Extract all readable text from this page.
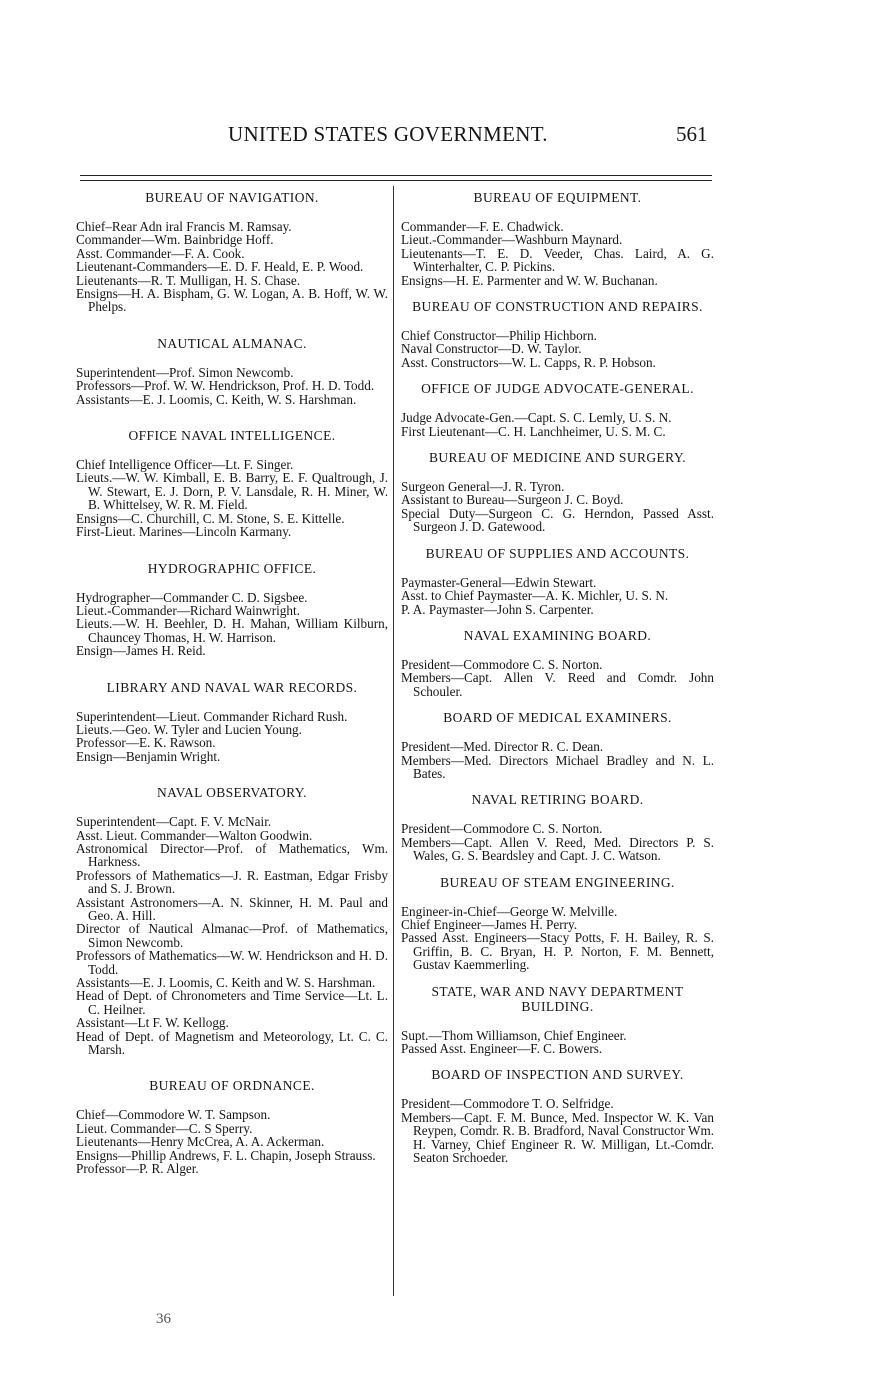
UNITED STATES GOVERNMENT.	561
BUREAU OF NAVIGATION.
Chief–Rear Adn iral Francis M. Ramsay.
Commander—Wm. Bainbridge Hoff.
Asst. Commander—F. A. Cook.
Lieutenant-Commanders—E. D. F. Heald, E. P. Wood.
Lieutenants—R. T. Mulligan, H. S. Chase.
Ensigns—H. A. Bispham, G. W. Logan, A. B. Hoff, W. W. Phelps.
NAUTICAL ALMANAC.
Superintendent—Prof. Simon Newcomb.
Professors—Prof. W. W. Hendrickson, Prof. H. D. Todd.
Assistants—E. J. Loomis, C. Keith, W. S. Harshman.
OFFICE NAVAL INTELLIGENCE.
Chief Intelligence Officer—Lt. F. Singer.
Lieuts.—W. W. Kimball, E. B. Barry, E. F. Qualtrough, J. W. Stewart, E. J. Dorn, P. V. Lansdale, R. H. Miner, W. B. Whittelsey, W. R. M. Field.
Ensigns—C. Churchill, C. M. Stone, S. E. Kittelle.
First-Lieut. Marines—Lincoln Karmany.
HYDROGRAPHIC OFFICE.
Hydrographer—Commander C. D. Sigsbee.
Lieut.-Commander—Richard Wainwright.
Lieuts.—W. H. Beehler, D. H. Mahan, William Kilburn, Chauncey Thomas, H. W. Harrison.
Ensign—James H. Reid.
LIBRARY AND NAVAL WAR RECORDS.
Superintendent—Lieut. Commander Richard Rush.
Lieuts.—Geo. W. Tyler and Lucien Young.
Professor—E. K. Rawson.
Ensign—Benjamin Wright.
NAVAL OBSERVATORY.
Superintendent—Capt. F. V. McNair.
Asst. Lieut. Commander—Walton Goodwin.
Astronomical Director—Prof. of Mathematics, Wm. Harkness.
Professors of Mathematics—J. R. Eastman, Edgar Frisby and S. J. Brown.
Assistant Astronomers—A. N. Skinner, H. M. Paul and Geo. A. Hill.
Director of Nautical Almanac—Prof. of Mathematics, Simon Newcomb.
Professors of Mathematics—W. W. Hendrickson and H. D. Todd.
Assistants—E. J. Loomis, C. Keith and W. S. Harshman.
Head of Dept. of Chronometers and Time Service—Lt. L. C. Heilner.
Assistant—Lt F. W. Kellogg.
Head of Dept. of Magnetism and Meteorology, Lt. C. C. Marsh.
BUREAU OF ORDNANCE.
Chief—Commodore W. T. Sampson.
Lieut. Commander—C. S Sperry.
Lieutenants—Henry McCrea, A. A. Ackerman.
Ensigns—Phillip Andrews, F. L. Chapin, Joseph Strauss.
Professor—P. R. Alger.
BUREAU OF EQUIPMENT.
Commander—F. E. Chadwick.
Lieut.-Commander—Washburn Maynard.
Lieutenants—T. E. D. Veeder, Chas. Laird, A. G. Winterhalter, C. P. Pickins.
Ensigns—H. E. Parmenter and W. W. Buchanan.
BUREAU OF CONSTRUCTION AND REPAIRS.
Chief Constructor—Philip Hichborn.
Naval Constructor—D. W. Taylor.
Asst. Constructors—W. L. Capps, R. P. Hobson.
OFFICE OF JUDGE ADVOCATE-GENERAL.
Judge Advocate-Gen.—Capt. S. C. Lemly, U. S. N.
First Lieutenant—C. H. Lanchheimer, U. S. M. C.
BUREAU OF MEDICINE AND SURGERY.
Surgeon General—J. R. Tyron.
Assistant to Bureau—Surgeon J. C. Boyd.
Special Duty—Surgeon C. G. Herndon, Passed Asst. Surgeon J. D. Gatewood.
BUREAU OF SUPPLIES AND ACCOUNTS.
Paymaster-General—Edwin Stewart.
Asst. to Chief Paymaster—A. K. Michler, U. S. N.
P. A. Paymaster—John S. Carpenter.
NAVAL EXAMINING BOARD.
President—Commodore C. S. Norton.
Members—Capt. Allen V. Reed and Comdr. John Schouler.
BOARD OF MEDICAL EXAMINERS.
President—Med. Director R. C. Dean.
Members—Med. Directors Michael Bradley and N. L. Bates.
NAVAL RETIRING BOARD.
President—Commodore C. S. Norton.
Members—Capt. Allen V. Reed, Med. Directors P. S. Wales, G. S. Beardsley and Capt. J. C. Watson.
BUREAU OF STEAM ENGINEERING.
Engineer-in-Chief—George W. Melville.
Chief Engineer—James H. Perry.
Passed Asst. Engineers—Stacy Potts, F. H. Bailey, R. S. Griffin, B. C. Bryan, H. P. Norton, F. M. Bennett, Gustav Kaemmerling.
STATE, WAR AND NAVY DEPARTMENT BUILDING.
Supt.—Thom Williamson, Chief Engineer.
Passed Asst. Engineer—F. C. Bowers.
BOARD OF INSPECTION AND SURVEY.
President—Commodore T. O. Selfridge.
Members—Capt. F. M. Bunce, Med. Inspector W. K. Van Reypen, Comdr. R. B. Bradford, Naval Constructor Wm. H. Varney, Chief Engineer R. W. Milligan, Lt.-Comdr. Seaton Srchoeder.
36
